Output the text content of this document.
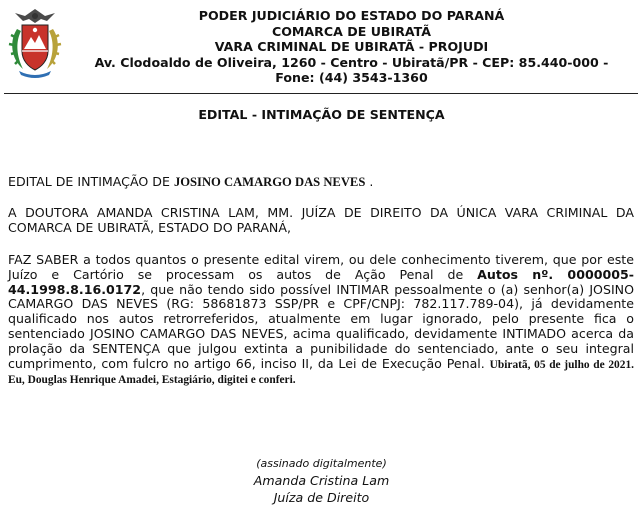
PODER JUDICIÁRIO DO ESTADO DO PARANÁ
COMARCA DE UBIRATÃ
VARA CRIMINAL DE UBIRATÃ - PROJUDI
Av. Clodoaldo de Oliveira, 1260 - Centro - Ubiratã/PR - CEP: 85.440-000 -
Fone: (44) 3543-1360
EDITAL - INTIMAÇÃO DE SENTENÇA
EDITAL DE INTIMAÇÃO DE JOSINO CAMARGO DAS NEVES .
A DOUTORA AMANDA CRISTINA LAM, MM. JUÍZA DE DIREITO DA ÚNICA VARA CRIMINAL DA COMARCA DE UBIRATÃ, ESTADO DO PARANÁ,
FAZ SABER a todos quantos o presente edital virem, ou dele conhecimento tiverem, que por este Juízo e Cartório se processam os autos de Ação Penal de Autos nº. 0000005-44.1998.8.16.0172, que não tendo sido possível INTIMAR pessoalmente o (a) senhor(a) JOSINO CAMARGO DAS NEVES (RG: 58681873 SSP/PR e CPF/CNPJ: 782.117.789-04), já devidamente qualificado nos autos retrorreferidos, atualmente em lugar ignorado, pelo presente fica o sentenciado JOSINO CAMARGO DAS NEVES, acima qualificado, devidamente INTIMADO acerca da prolação da SENTENÇA que julgou extinta a punibilidade do sentenciado, ante o seu integral cumprimento, com fulcro no artigo 66, inciso II, da Lei de Execução Penal. Ubiratã, 05 de julho de 2021. Eu, Douglas Henrique Amadei, Estagiário, digitei e conferi.
(assinado digitalmente)
Amanda Cristina Lam
Juíza de Direito
